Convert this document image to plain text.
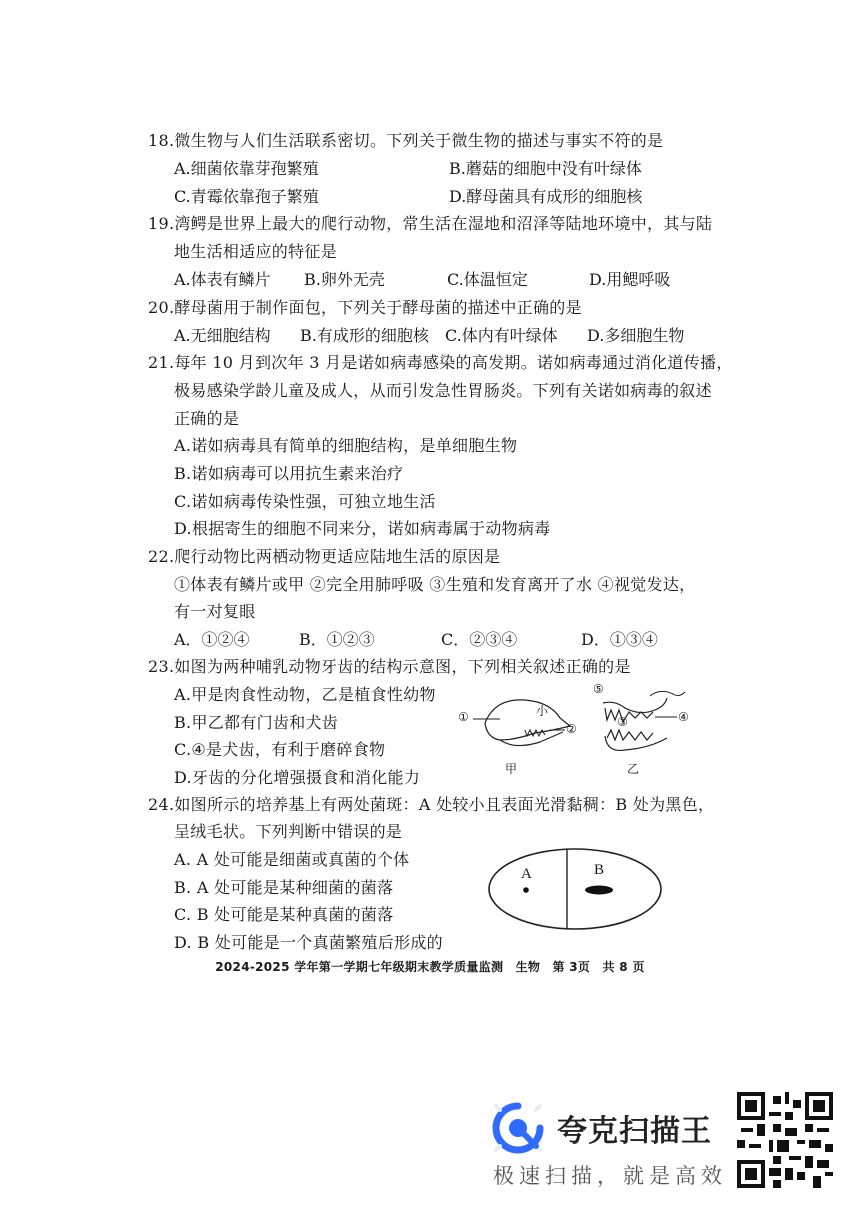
18.微生物与人们生活联系密切。下列关于微生物的描述与事实不符的是
A.细菌依靠芽孢繁殖	B.蘑菇的细胞中没有叶绿体
C.青霉依靠孢子繁殖	D.酵母菌具有成形的细胞核
19.湾鳄是世界上最大的爬行动物，常生活在湿地和沼泽等陆地环境中，其与陆
地生活相适应的特征是
A.体表有鳞片 B.卵外无壳	C.体温恒定	D.用鳃呼吸
20.酵母菌用于制作面包，下列关于酵母菌的描述中正确的是
A.无细胞结构 B.有成形的细胞核 C.体内有叶绿体 D.多细胞生物
21.每年 10 月到次年 3 月是诺如病毒感染的高发期。诺如病毒通过消化道传播，
极易感染学龄儿童及成人，从而引发急性胃肠炎。下列有关诺如病毒的叙述
正确的是
A.诺如病毒具有简单的细胞结构，是单细胞生物
B.诺如病毒可以用抗生素来治疗
C.诺如病毒传染性强，可独立地生活
D.根据寄生的细胞不同来分，诺如病毒属于动物病毒
22.爬行动物比两栖动物更适应陆地生活的原因是
①体表有鳞片或甲 ②完全用肺呼吸 ③生殖和发育离开了水 ④视觉发达，
有一对复眼
A．①②④	B．①②③	C．②③④	D．①③④
23.如图为两种哺乳动物牙齿的结构示意图，下列相关叙述正确的是
A.甲是肉食性动物，乙是植食性幼物
B.甲乙都有门齿和犬齿
C.④是犬齿，有利于磨碎食物
D.牙齿的分化增强摄食和消化能力
①
②	③	④
⑤
小
甲	乙
24.如图所示的培养基上有两处菌斑：A 处较小且表面光滑黏稠：B 处为黑色，
呈绒毛状。下列判断中错误的是
A. A 处可能是细菌或真菌的个体
B. A 处可能是某种细菌的菌落
C. B 处可能是某种真菌的菌落
D. B 处可能是一个真菌繁殖后形成的
A	B
2024-2025 学年第一学期七年级期末教学质量监测　生物　第 3页　共 8 页
夸克扫描王
极速扫描，就是高效
